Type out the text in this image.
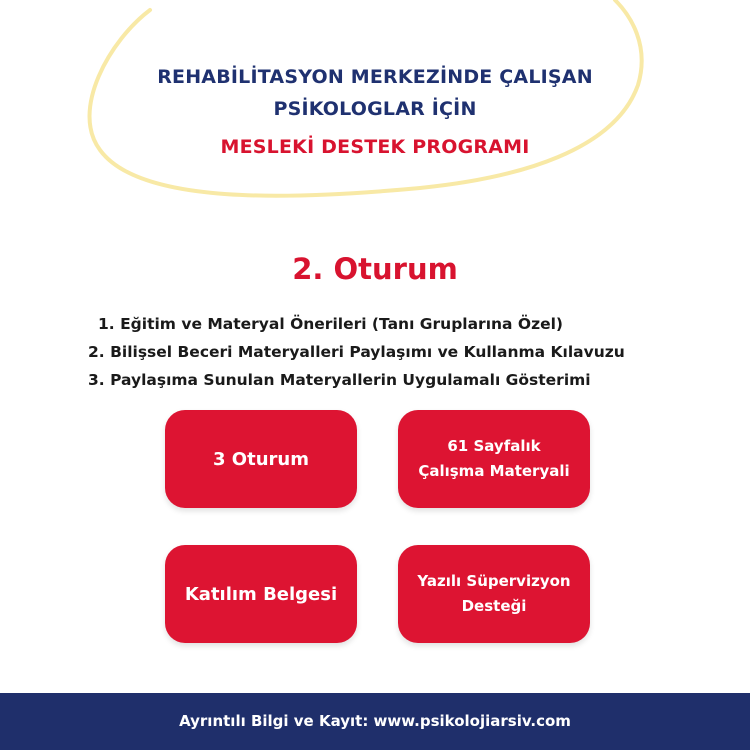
REHABİLİTASYON MERKEZİNDE ÇALIŞAN
PSİKOLOGLAR İÇİN
MESLEKİ DESTEK PROGRAMI
2. Oturum
1. Eğitim ve Materyal Önerileri (Tanı Gruplarına Özel)
2. Bilişsel Beceri Materyalleri Paylaşımı ve Kullanma Kılavuzu
3. Paylaşıma Sunulan Materyallerin Uygulamalı Gösterimi
3 Oturum
61 Sayfalık
Çalışma Materyali
Katılım Belgesi
Yazılı Süpervizyon
Desteği
Ayrıntılı Bilgi ve Kayıt: www.psikolojiarsiv.com
